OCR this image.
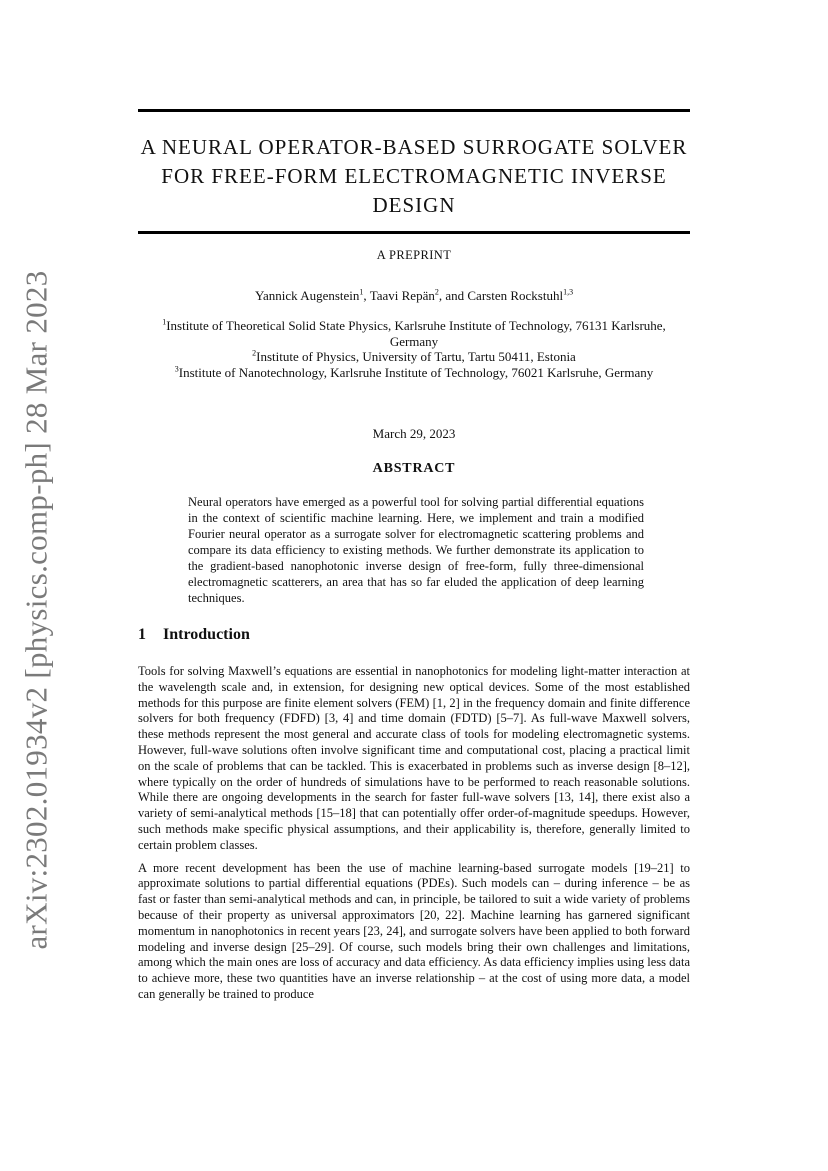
arXiv:2302.01934v2 [physics.comp-ph] 28 Mar 2023
A NEURAL OPERATOR-BASED SURROGATE SOLVER FOR FREE-FORM ELECTROMAGNETIC INVERSE DESIGN
A PREPRINT
Yannick Augenstein$^1$, Taavi Repän$^2$, and Carsten Rockstuhl$^{1,3}$
$^1$Institute of Theoretical Solid State Physics, Karlsruhe Institute of Technology, 76131 Karlsruhe, Germany
$^2$Institute of Physics, University of Tartu, Tartu 50411, Estonia
$^3$Institute of Nanotechnology, Karlsruhe Institute of Technology, 76021 Karlsruhe, Germany
March 29, 2023
ABSTRACT
Neural operators have emerged as a powerful tool for solving partial differential equations in the context of scientific machine learning. Here, we implement and train a modified Fourier neural operator as a surrogate solver for electromagnetic scattering problems and compare its data efficiency to existing methods. We further demonstrate its application to the gradient-based nanophotonic inverse design of free-form, fully three-dimensional electromagnetic scatterers, an area that has so far eluded the application of deep learning techniques.
1 Introduction

Tools for solving Maxwell’s equations are essential in nanophotonics for modeling light-matter interaction at the wavelength scale and, in extension, for designing new optical devices. Some of the most established methods for this purpose are finite element solvers (FEM) [1, 2] in the frequency domain and finite difference solvers for both frequency (FDFD) [3, 4] and time domain (FDTD) [5–7]. As full-wave Maxwell solvers, these methods represent the most general and accurate class of tools for modeling electromagnetic systems. However, full-wave solutions often involve significant time and computational cost, placing a practical limit on the scale of problems that can be tackled. This is exacerbated in problems such as inverse design [8–12], where typically on the order of hundreds of simulations have to be performed to reach reasonable solutions. While there are ongoing developments in the search for faster full-wave solvers [13, 14], there exist also a variety of semi-analytical methods [15–18] that can potentially offer order-of-magnitude speedups. However, such methods make specific physical assumptions, and their applicability is, therefore, generally limited to certain problem classes.

A more recent development has been the use of machine learning-based surrogate models [19–21] to approximate solutions to partial differential equations (PDEs). Such models can – during inference – be as fast or faster than semi-analytical methods and can, in principle, be tailored to suit a wide variety of problems because of their property as universal approximators [20, 22]. Machine learning has garnered significant momentum in nanophotonics in recent years [23, 24], and surrogate solvers have been applied to both forward modeling and inverse design [25–29]. Of course, such models bring their own challenges and limitations, among which the main ones are loss of accuracy and data efficiency. As data efficiency implies using less data to achieve more, these two quantities have an inverse relationship – at the cost of using more data, a model can generally be trained to produce
